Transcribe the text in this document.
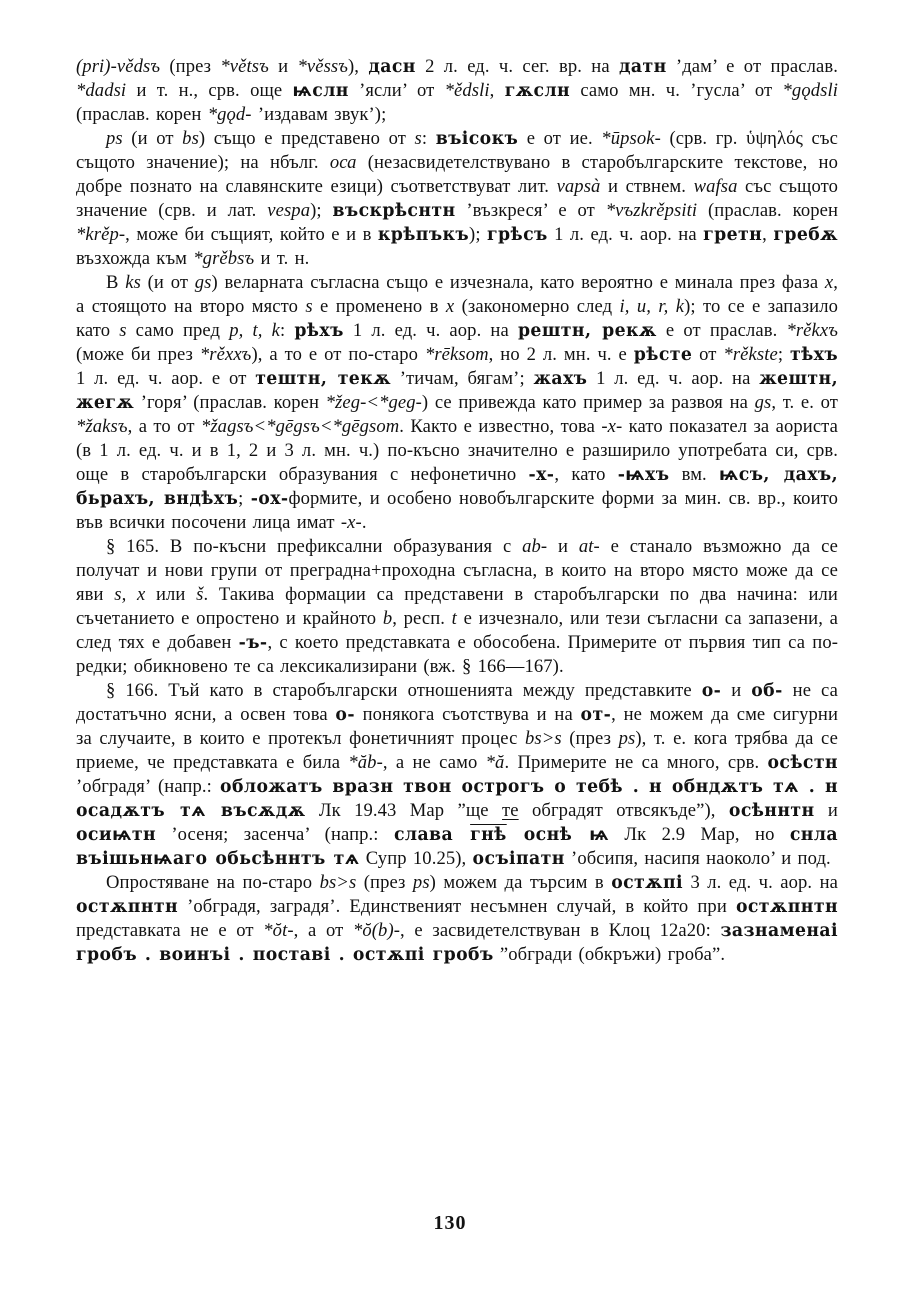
(pri)-vědsъ (през *větsъ и *věssъ), дасн 2 л. ед. ч. сег. вр. на датн ’дам’ е от праслав. *dadsi и т. н., срв. още ѩслн ’ясли’ от *ědsli, гѫслн само мн. ч. ’гусла’ от *gǫdsli (праслав. корен *gǫd- ’издавам звук’);

ps (и от bs) също е представено от s: въісокъ е от ие. *ūpsok- (срв. гр. ὑψηλός със същото значение); на нбълг. оса (незасвидетелствувано в старобългарските текстове, но добре познато на славянските езици) съответствуват лит. vapsà и ствнем. wafsa със същото значение (срв. и лат. vespa); въскрѣснтн ’възкреся’ е от *vъzkrěpsiti (праслав. корен *krěp-, може би същият, който е и в крѣпъкъ); грѣсъ 1 л. ед. ч. аор. на гретн, гребѫ възхожда към *grěbsъ и т. н.

В ks (и от gs) веларната съгласна също е изчезнала, като вероятно е минала през фаза x, а стоящото на второ място s е променено в x (закономерно след i, u, r, k); то се е запазило като s само пред p, t, k: рѣхъ 1 л. ед. ч. аор. на рештн, рекѫ е от праслав. *rěkxъ (може би през *rěxxъ), а то е от по-старо *rēksom, но 2 л. мн. ч. е рѣсте от *rěkste; тѣхъ 1 л. ед. ч. аор. е от тештн, текѫ ’тичам, бягам’; жахъ 1 л. ед. ч. аор. на жештн, жегѫ ’горя’ (праслав. корен *žeg-<*geg-) се привежда като пример за развоя на gs, т. е. от *žaksъ, а то от *žagsъ<*gēgsъ<*gēgsom. Както е известно, това -x- като показател за аориста (в 1 л. ед. ч. и в 1, 2 и 3 л. мн. ч.) по-късно значително е разширило употребата си, срв. още в старобългарски образувания с нефонетично -х-, като -ѩхъ вм. ѩсъ, дахъ, бьрахъ, вндѣхъ; -ох-формите, и особено новобългарските форми за мин. св. вр., които във всички посочени лица имат -x-.

§ 165. В по-късни префиксални образувания с ab- и at- е станало възможно да се получат и нови групи от преградна+проходна съгласна, в които на второ място може да се яви s, x или š. Такива формации са представени в старобългарски по два начина: или съчетанието е опростено и крайното b, респ. t е изчезнало, или тези съгласни са запазени, а след тях е добавен -ъ-, с което представката е обособена. Примерите от първия тип са по-редки; обикновено те са лексикализирани (вж. § 166—167).

§ 166. Тъй като в старобългарски отношенията между представките о- и об- не са достатъчно ясни, а освен това о- понякога съотствува и на от-, не можем да сме сигурни за случаите, в които е протекъл фонетичният процес bs>s (през ps), т. е. кога трябва да се приеме, че представката е била *ăb-, а не само *ă. Примерите не са много, срв. осѣстн ’обградя’ (напр.: обложатъ вразн твон острогъ о тебѣ . н обндѫтъ тѧ . н осадѫтъ тѧ въсѫдѫ Лк 19.43 Мар ”ще те обградят отвсякъде”), осѣннтн и осиѩтн ’осеня; засенча’ (напр.: слава гнѣ оснѣ ѩ Лк 2.9 Мар, но снла въішьнѩаго обьсѣннтъ тѧ Супр 10.25), осъіпатн ’обсипя, насипя наоколо’ и под.

Опростяване на по-старо bs>s (през ps) можем да търсим в остѫпі 3 л. ед. ч. аор. на остѫпнтн ’обградя, заградя’. Единственият несъмнен случай, в който при остѫпнтн представката не е от *ŏt-, а от *ŏ(b)-, е засвидетелствуван в Клоц 12а20: зазнаменаі гробъ . воинъі . поставі . остѫпі гробъ ”обгради (обкръжи) гроба”.

130
